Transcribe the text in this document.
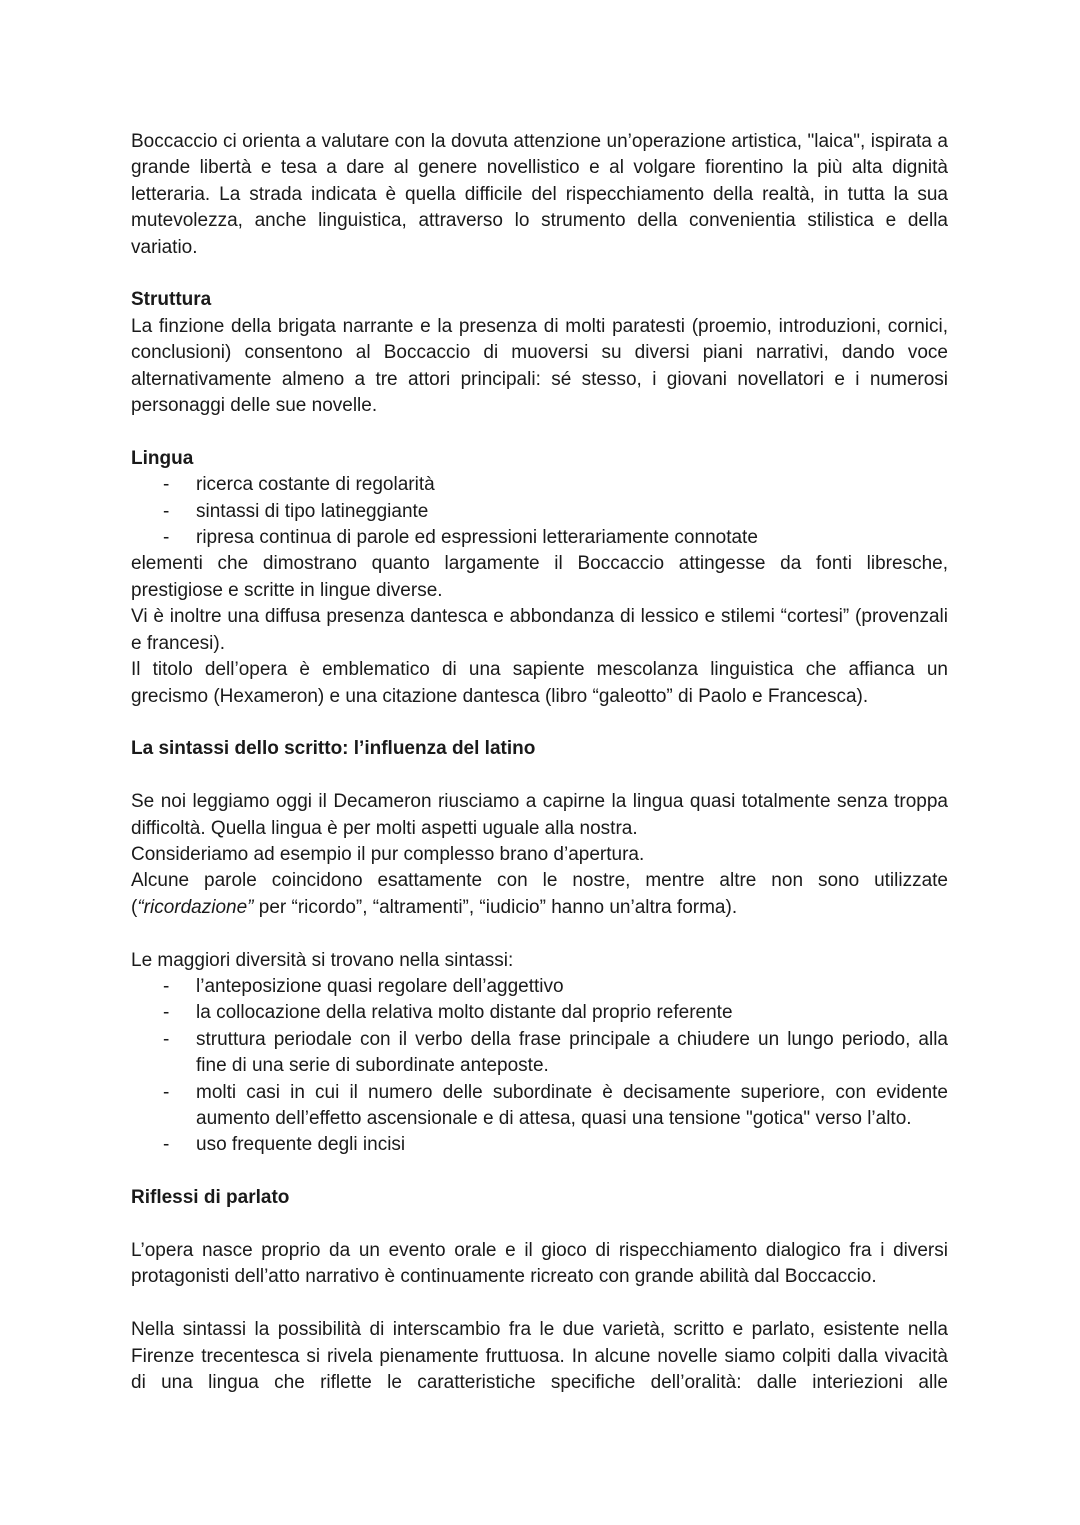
Boccaccio ci orienta a valutare con la dovuta attenzione un’operazione artistica, "laica", ispirata a grande libertà e tesa a dare al genere novellistico e al volgare fiorentino la più alta dignità letteraria. La strada indicata è quella difficile del rispecchiamento della realtà, in tutta la sua mutevolezza, anche linguistica, attraverso lo strumento della convenientia stilistica e della variatio.

Struttura

La finzione della brigata narrante e la presenza di molti paratesti (proemio, introduzioni, cornici, conclusioni) consentono al Boccaccio di muoversi su diversi piani narrativi, dando voce alternativamente almeno a tre attori principali: sé stesso, i giovani novellatori e i numerosi personaggi delle sue novelle.

Lingua

- ricerca costante di regolarità
- sintassi di tipo latineggiante
- ripresa continua di parole ed espressioni letterariamente connotate

elementi che dimostrano quanto largamente il Boccaccio attingesse da fonti libresche, prestigiose e scritte in lingue diverse.

Vi è inoltre una diffusa presenza dantesca e abbondanza di lessico e stilemi “cortesi” (provenzali e francesi).

Il titolo dell’opera è emblematico di una sapiente mescolanza linguistica che affianca un grecismo (Hexameron) e una citazione dantesca (libro “galeotto” di Paolo e Francesca).

La sintassi dello scritto: l’influenza del latino

Se noi leggiamo oggi il Decameron riusciamo a capirne la lingua quasi totalmente senza troppa difficoltà. Quella lingua è per molti aspetti uguale alla nostra.

Consideriamo ad esempio il pur complesso brano d’apertura.

Alcune parole coincidono esattamente con le nostre, mentre altre non sono utilizzate (“ricordazione” per “ricordo”, “altramenti”, “iudicio” hanno un’altra forma).

Le maggiori diversità si trovano nella sintassi:

- l’anteposizione quasi regolare dell’aggettivo
- la collocazione della relativa molto distante dal proprio referente
- struttura periodale con il verbo della frase principale a chiudere un lungo periodo, alla fine di una serie di subordinate anteposte.
- molti casi in cui il numero delle subordinate è decisamente superiore, con evidente aumento dell’effetto ascensionale e di attesa, quasi una tensione "gotica" verso l’alto.
- uso frequente degli incisi

Riflessi di parlato

L’opera nasce proprio da un evento orale e il gioco di rispecchiamento dialogico fra i diversi protagonisti dell’atto narrativo è continuamente ricreato con grande abilità dal Boccaccio.

Nella sintassi la possibilità di interscambio fra le due varietà, scritto e parlato, esistente nella Firenze trecentesca si rivela pienamente fruttuosa. In alcune novelle siamo colpiti dalla vivacità di una lingua che riflette le caratteristiche specifiche dell’oralità: dalle interiezioni alle
